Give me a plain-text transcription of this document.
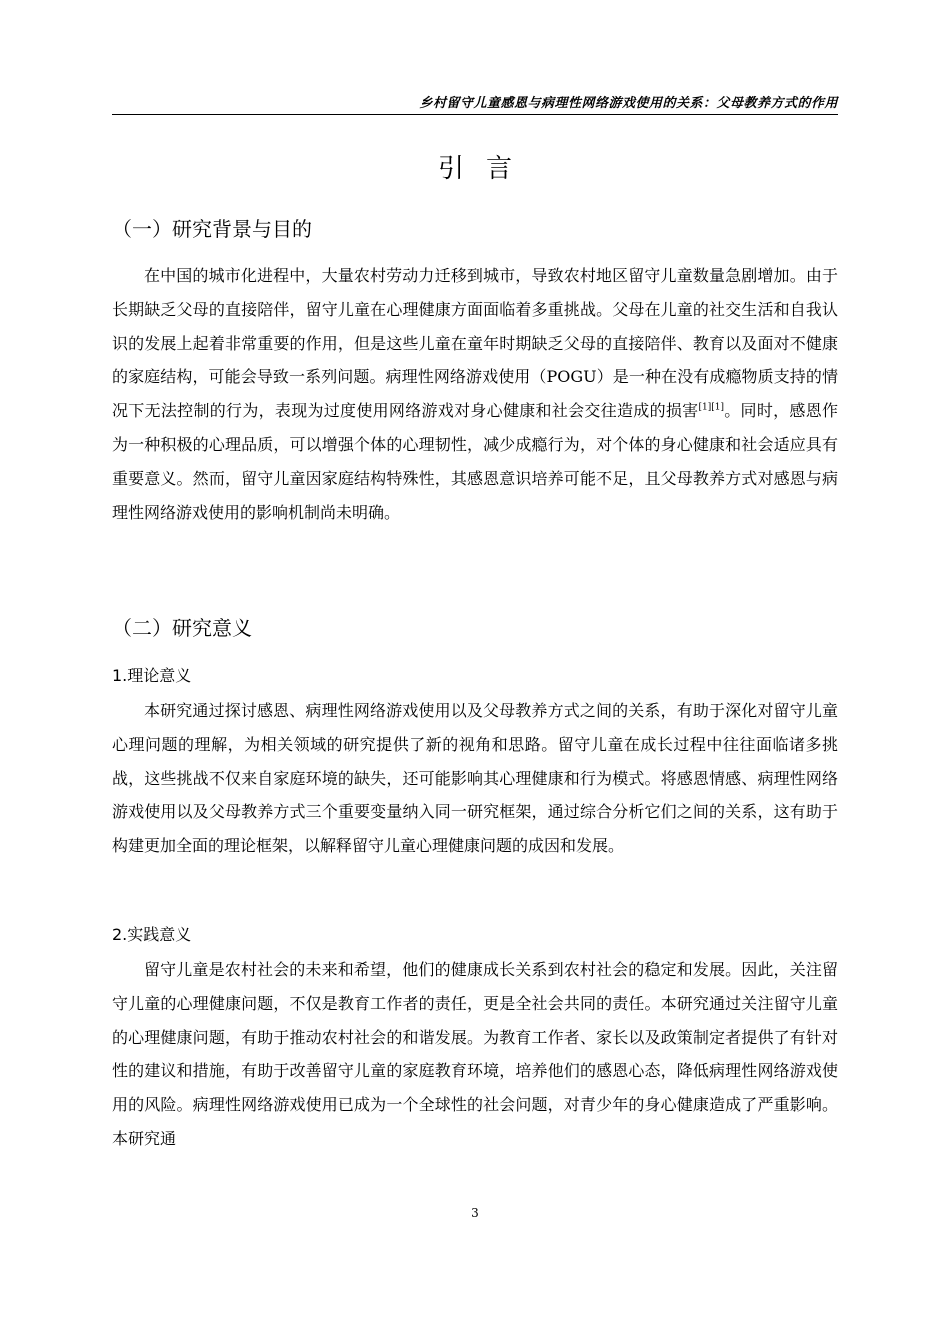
乡村留守儿童感恩与病理性网络游戏使用的关系：父母教养方式的作用
引言
（一）研究背景与目的

在中国的城市化进程中，大量农村劳动力迁移到城市，导致农村地区留守儿童数量急剧增加。由于长期缺乏父母的直接陪伴，留守儿童在心理健康方面面临着多重挑战。父母在儿童的社交生活和自我认识的发展上起着非常重要的作用，但是这些儿童在童年时期缺乏父母的直接陪伴、教育以及面对不健康的家庭结构，可能会导致一系列问题。病理性网络游戏使用（POGU）是一种在没有成瘾物质支持的情况下无法控制的行为，表现为过度使用网络游戏对身心健康和社会交往造成的损害[1][1]。同时，感恩作为一种积极的心理品质，可以增强个体的心理韧性，减少成瘾行为，对个体的身心健康和社会适应具有重要意义。然而，留守儿童因家庭结构特殊性，其感恩意识培养可能不足，且父母教养方式对感恩与病理性网络游戏使用的影响机制尚未明确。

（二）研究意义
1.理论意义

本研究通过探讨感恩、病理性网络游戏使用以及父母教养方式之间的关系，有助于深化对留守儿童心理问题的理解，为相关领域的研究提供了新的视角和思路。留守儿童在成长过程中往往面临诸多挑战，这些挑战不仅来自家庭环境的缺失，还可能影响其心理健康和行为模式。将感恩情感、病理性网络游戏使用以及父母教养方式三个重要变量纳入同一研究框架，通过综合分析它们之间的关系，这有助于构建更加全面的理论框架，以解释留守儿童心理健康问题的成因和发展。

2.实践意义

留守儿童是农村社会的未来和希望，他们的健康成长关系到农村社会的稳定和发展。因此，关注留守儿童的心理健康问题，不仅是教育工作者的责任，更是全社会共同的责任。本研究通过关注留守儿童的心理健康问题，有助于推动农村社会的和谐发展。为教育工作者、家长以及政策制定者提供了有针对性的建议和措施，有助于改善留守儿童的家庭教育环境，培养他们的感恩心态，降低病理性网络游戏使用的风险。病理性网络游戏使用已成为一个全球性的社会问题，对青少年的身心健康造成了严重影响。本研究通

3
